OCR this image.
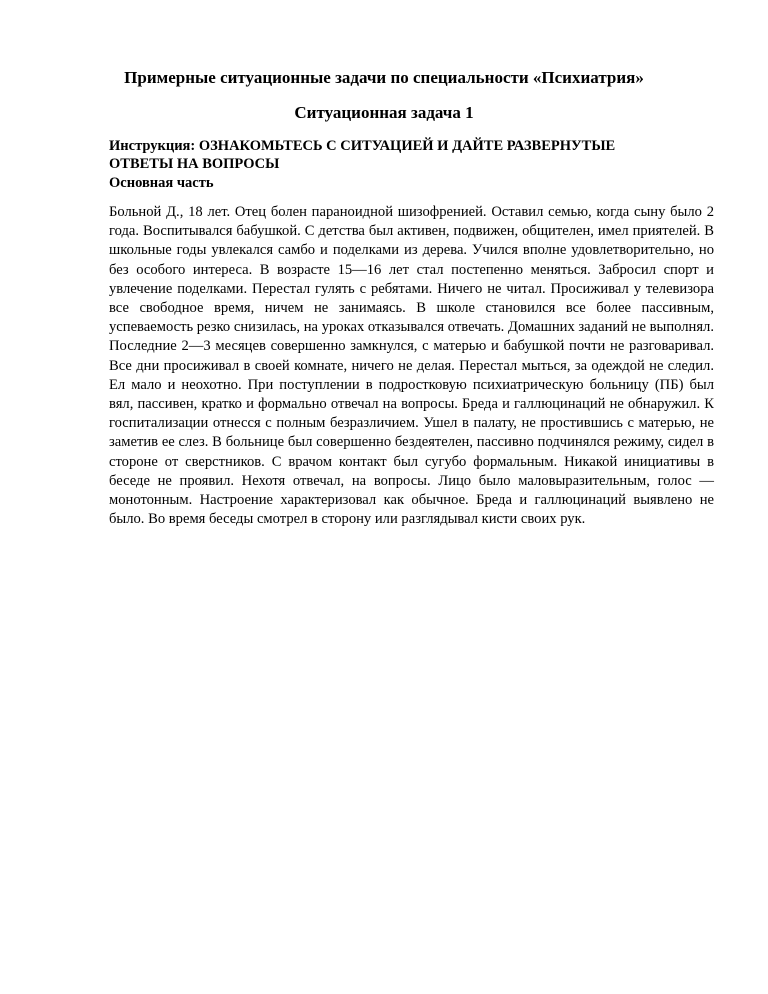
Примерные ситуационные задачи по специальности «Психиатрия»
Ситуационная задача 1
Инструкция: ОЗНАКОМЬТЕСЬ С СИТУАЦИЕЙ И ДАЙТЕ РАЗВЕРНУТЫЕ ОТВЕТЫ НА ВОПРОСЫ
Основная часть

Больной Д., 18 лет. Отец болен параноидной шизофренией. Оставил семью, когда сыну было 2 года. Воспитывался бабушкой. С детства был активен, подвижен, общителен, имел приятелей. В школьные годы увлекался самбо и поделками из дерева. Учился вполне удовлетворительно, но без особого интереса. В возрасте 15—16 лет стал постепенно меняться. Забросил спорт и увлечение поделками. Перестал гулять с ребятами. Ничего не читал. Просиживал у телевизора все свободное время, ничем не занимаясь. В школе становился все более пассивным, успеваемость резко снизилась, на уроках отказывался отвечать. Домашних заданий не выполнял. Последние 2—3 месяцев совершенно замкнулся, с матерью и бабушкой почти не разговаривал. Все дни просиживал в своей комнате, ничего не делая. Перестал мыться, за одеждой не следил. Ел мало и неохотно. При поступлении в подростковую психиатрическую больницу (ПБ) был вял, пассивен, кратко и формально отвечал на вопросы. Бреда и галлюцинаций не обнаружил. К госпитализации отнесся с полным безразличием. Ушел в палату, не простившись с матерью, не заметив ее слез. В больнице был совершенно бездеятелен, пассивно подчинялся режиму, сидел в стороне от сверстников. С врачом контакт был сугубо формальным. Никакой инициативы в беседе не проявил. Нехотя отвечал, на вопросы. Лицо было маловыразительным, голос — монотонным. Настроение характеризовал как обычное. Бреда и галлюцинаций выявлено не было. Во время беседы смотрел в сторону или разглядывал кисти своих рук.
